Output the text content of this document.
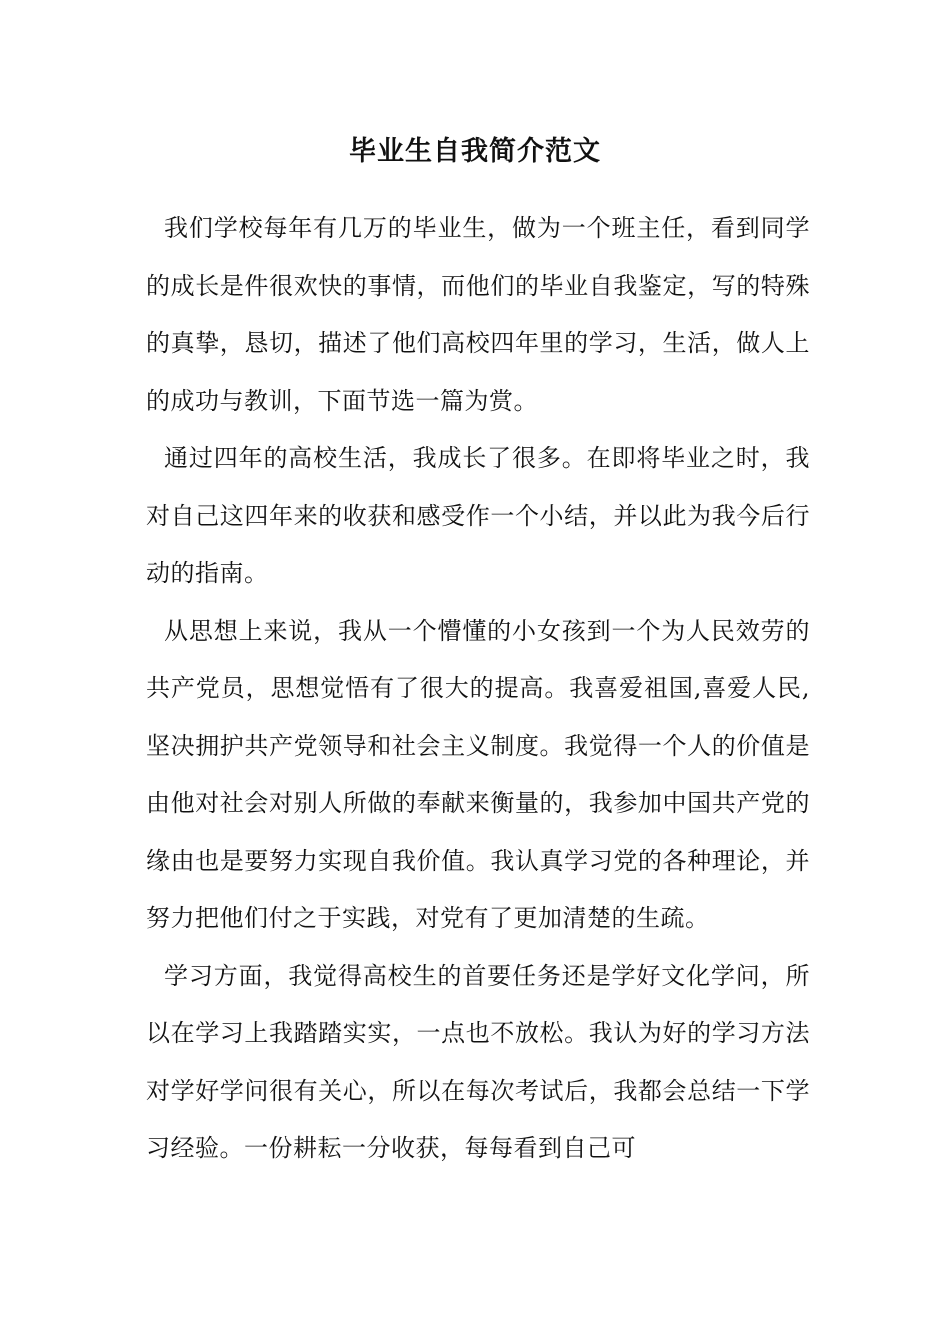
毕业生自我简介范文

我们学校每年有几万的毕业生，做为一个班主任，看到同学的成长是件很欢快的事情，而他们的毕业自我鉴定，写的特殊的真挚，恳切，描述了他们高校四年里的学习，生活，做人上的成功与教训，下面节选一篇为赏。

通过四年的高校生活，我成长了很多。在即将毕业之时，我对自己这四年来的收获和感受作一个小结，并以此为我今后行动的指南。

从思想上来说，我从一个懵懂的小女孩到一个为人民效劳的共产党员，思想觉悟有了很大的提高。我喜爱祖国,喜爱人民,坚决拥护共产党领导和社会主义制度。我觉得一个人的价值是由他对社会对别人所做的奉献来衡量的，我参加中国共产党的缘由也是要努力实现自我价值。我认真学习党的各种理论，并努力把他们付之于实践，对党有了更加清楚的生疏。

学习方面，我觉得高校生的首要任务还是学好文化学问，所以在学习上我踏踏实实，一点也不放松。我认为好的学习方法对学好学问很有关心，所以在每次考试后，我都会总结一下学习经验。一份耕耘一分收获，每每看到自己可
